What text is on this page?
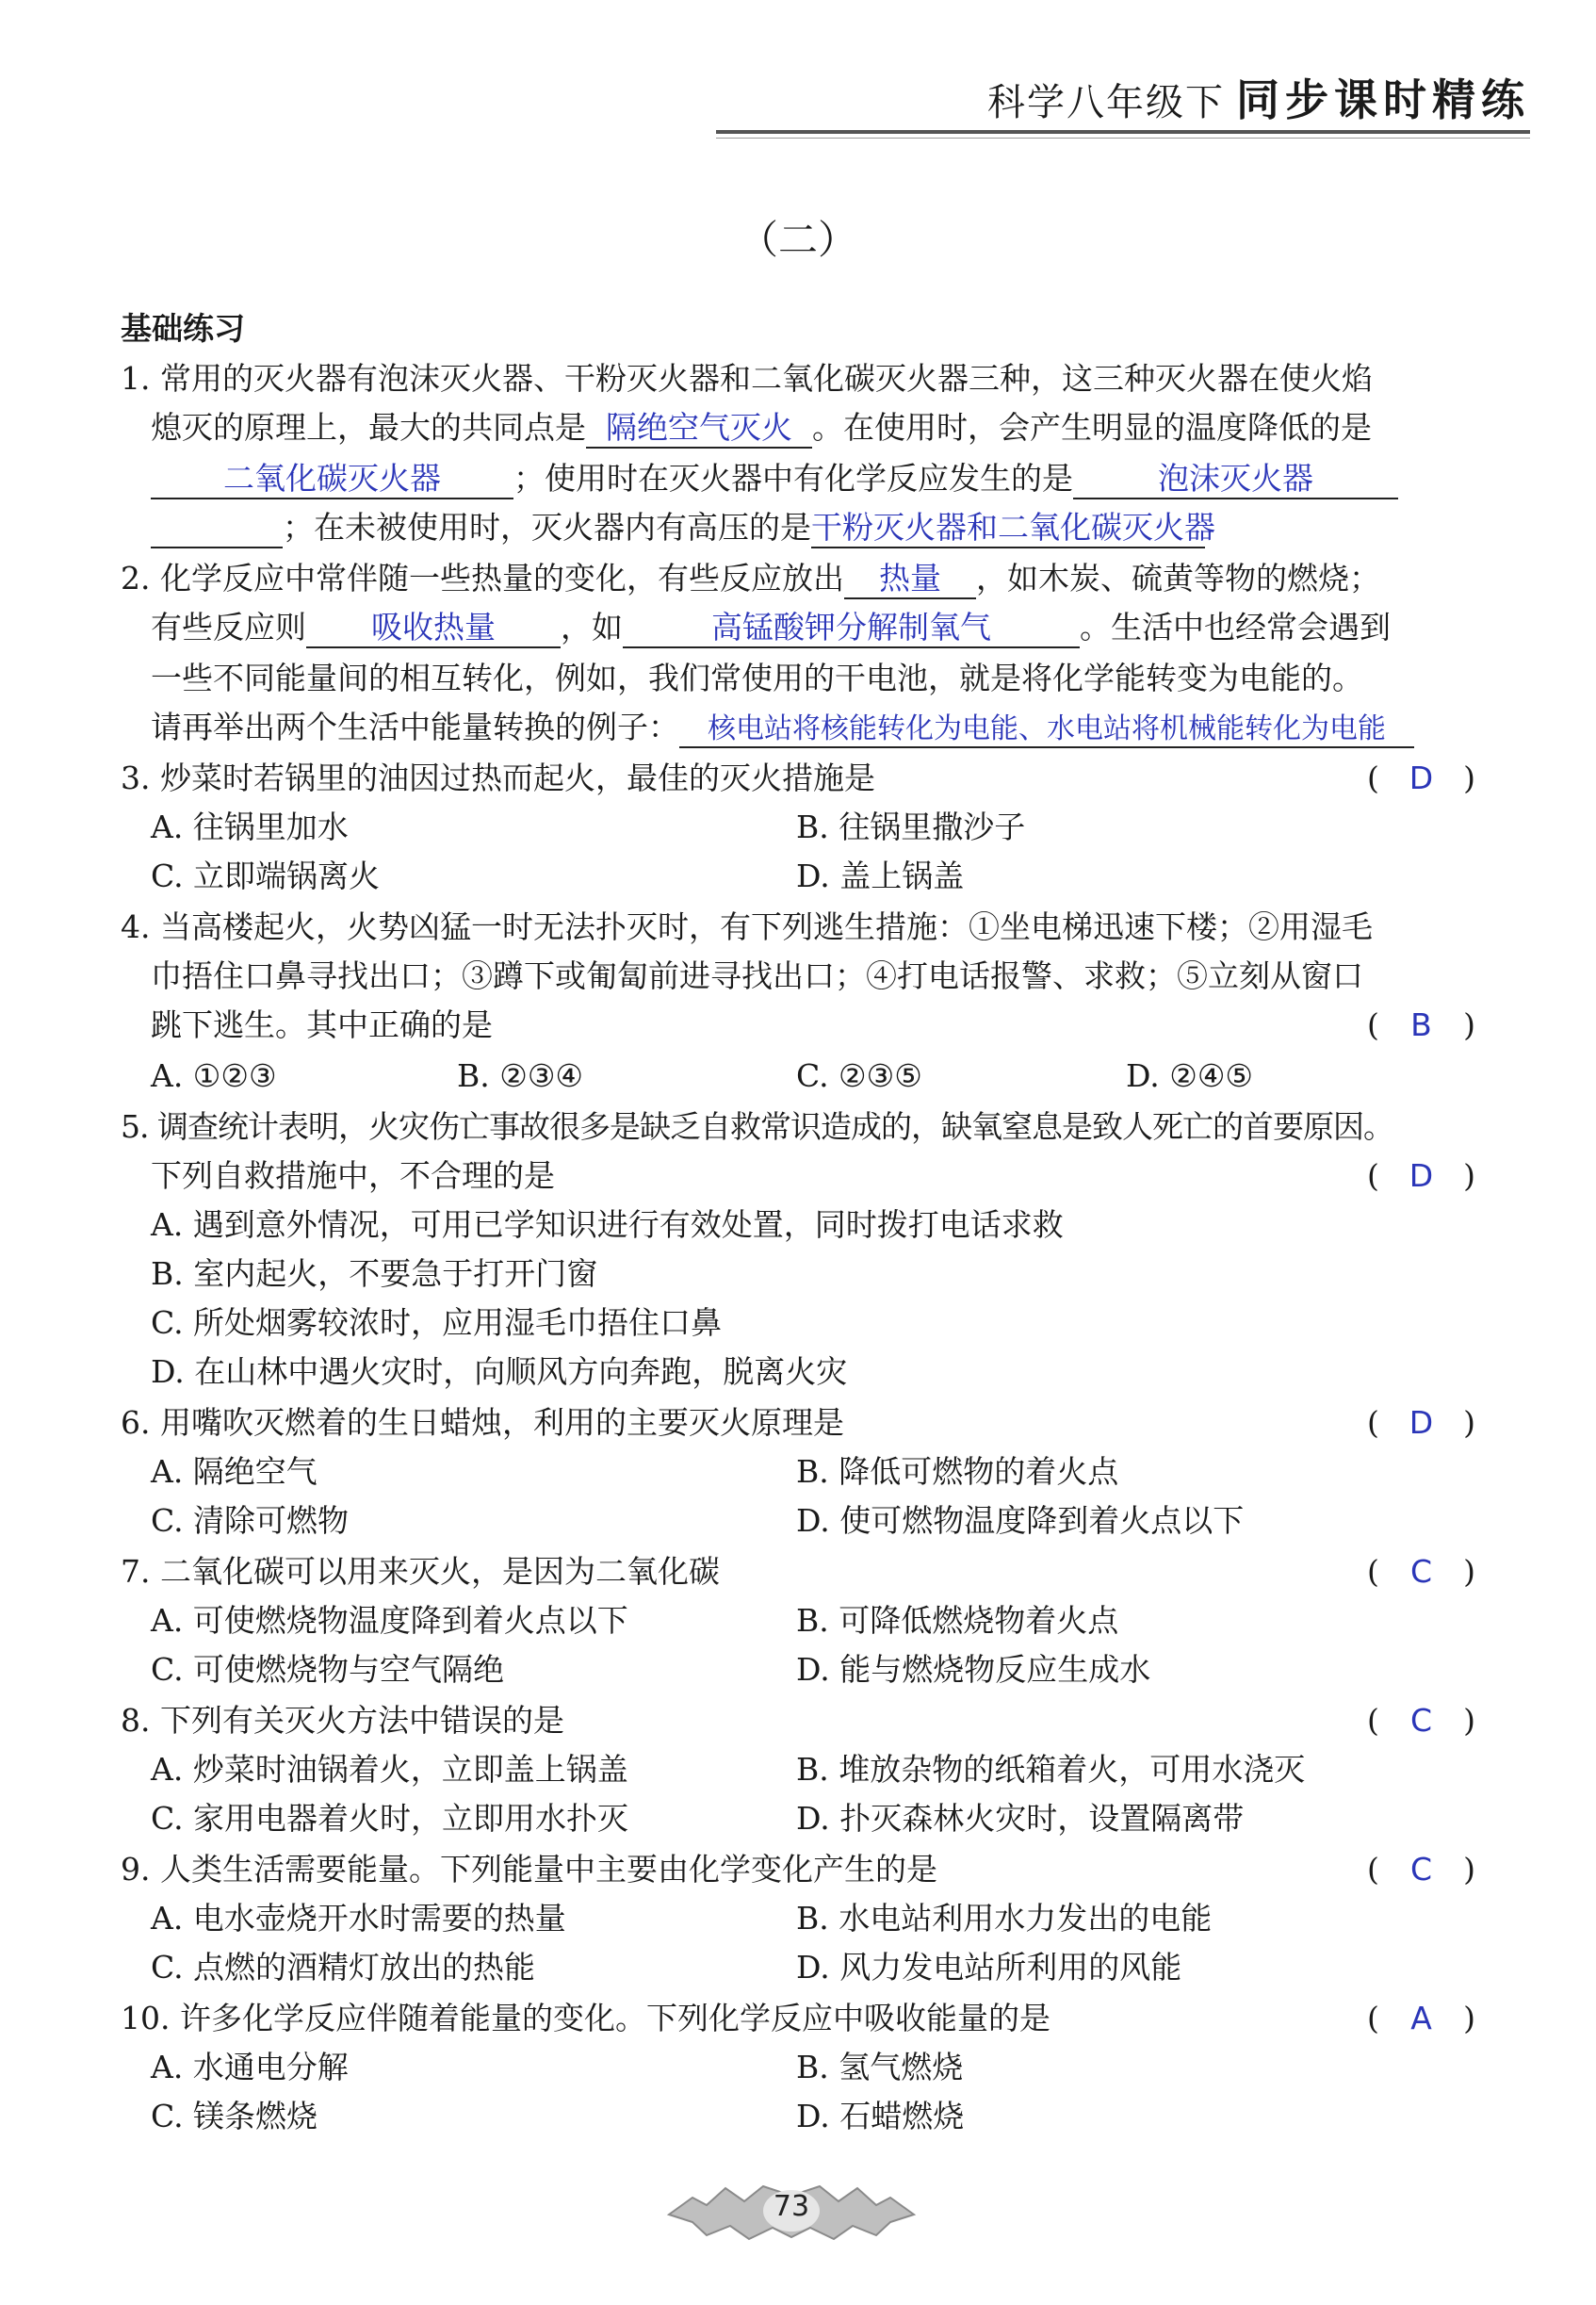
科学八年级下 同步课时精练
（二）
基础练习
1. 常用的灭火器有泡沫灭火器、干粉灭火器和二氧化碳灭火器三种，这三种灭火器在使火焰
熄灭的原理上，最大的共同点是 隔绝空气灭火 。在使用时，会产生明显的温度降低的是
二氧化碳灭火器 ；使用时在灭火器中有化学反应发生的是	泡沫灭火器
；在未被使用时，灭火器内有高压的是干粉灭火器和二氧化碳灭火器
2. 化学反应中常伴随一些热量的变化，有些反应放出 热量 ，如木炭、硫黄等物的燃烧；
有些反应则 吸收热量 ，如	高锰酸钾分解制氧气	。生活中也经常会遇到
一些不同能量间的相互转化，例如，我们常使用的干电池，就是将化学能转变为电能的。
请再举出两个生活中能量转换的例子： 核电站将核能转化为电能、水电站将机械能转化为电能
3. 炒菜时若锅里的油因过热而起火，最佳的灭火措施是	( D )
A. 往锅里加水	B. 往锅里撒沙子
C. 立即端锅离火	D. 盖上锅盖
4. 当高楼起火，火势凶猛一时无法扑灭时，有下列逃生措施：①坐电梯迅速下楼；②用湿毛
巾捂住口鼻寻找出口；③蹲下或匍匐前进寻找出口；④打电话报警、求救；⑤立刻从窗口
跳下逃生。其中正确的是	( B )
A. ①②③	B. ②③④	C. ②③⑤	D. ②④⑤
5. 调查统计表明，火灾伤亡事故很多是缺乏自救常识造成的，缺氧窒息是致人死亡的首要原因。
下列自救措施中，不合理的是	( D )
A. 遇到意外情况，可用已学知识进行有效处置，同时拨打电话求救
B. 室内起火，不要急于打开门窗
C. 所处烟雾较浓时，应用湿毛巾捂住口鼻
D. 在山林中遇火灾时，向顺风方向奔跑，脱离火灾
6. 用嘴吹灭燃着的生日蜡烛，利用的主要灭火原理是	( D )
A. 隔绝空气	B. 降低可燃物的着火点
C. 清除可燃物	D. 使可燃物温度降到着火点以下
7. 二氧化碳可以用来灭火，是因为二氧化碳	( C )
A. 可使燃烧物温度降到着火点以下	B. 可降低燃烧物着火点
C. 可使燃烧物与空气隔绝	D. 能与燃烧物反应生成水
8. 下列有关灭火方法中错误的是	( C )
A. 炒菜时油锅着火，立即盖上锅盖	B. 堆放杂物的纸箱着火，可用水浇灭
C. 家用电器着火时，立即用水扑灭	D. 扑灭森林火灾时，设置隔离带
9. 人类生活需要能量。下列能量中主要由化学变化产生的是	( C )
A. 电水壶烧开水时需要的热量	B. 水电站利用水力发出的电能
C. 点燃的酒精灯放出的热能	D. 风力发电站所利用的风能
10. 许多化学反应伴随着能量的变化。下列化学反应中吸收能量的是	( A )
A. 水通电分解	B. 氢气燃烧
C. 镁条燃烧	D. 石蜡燃烧
73
